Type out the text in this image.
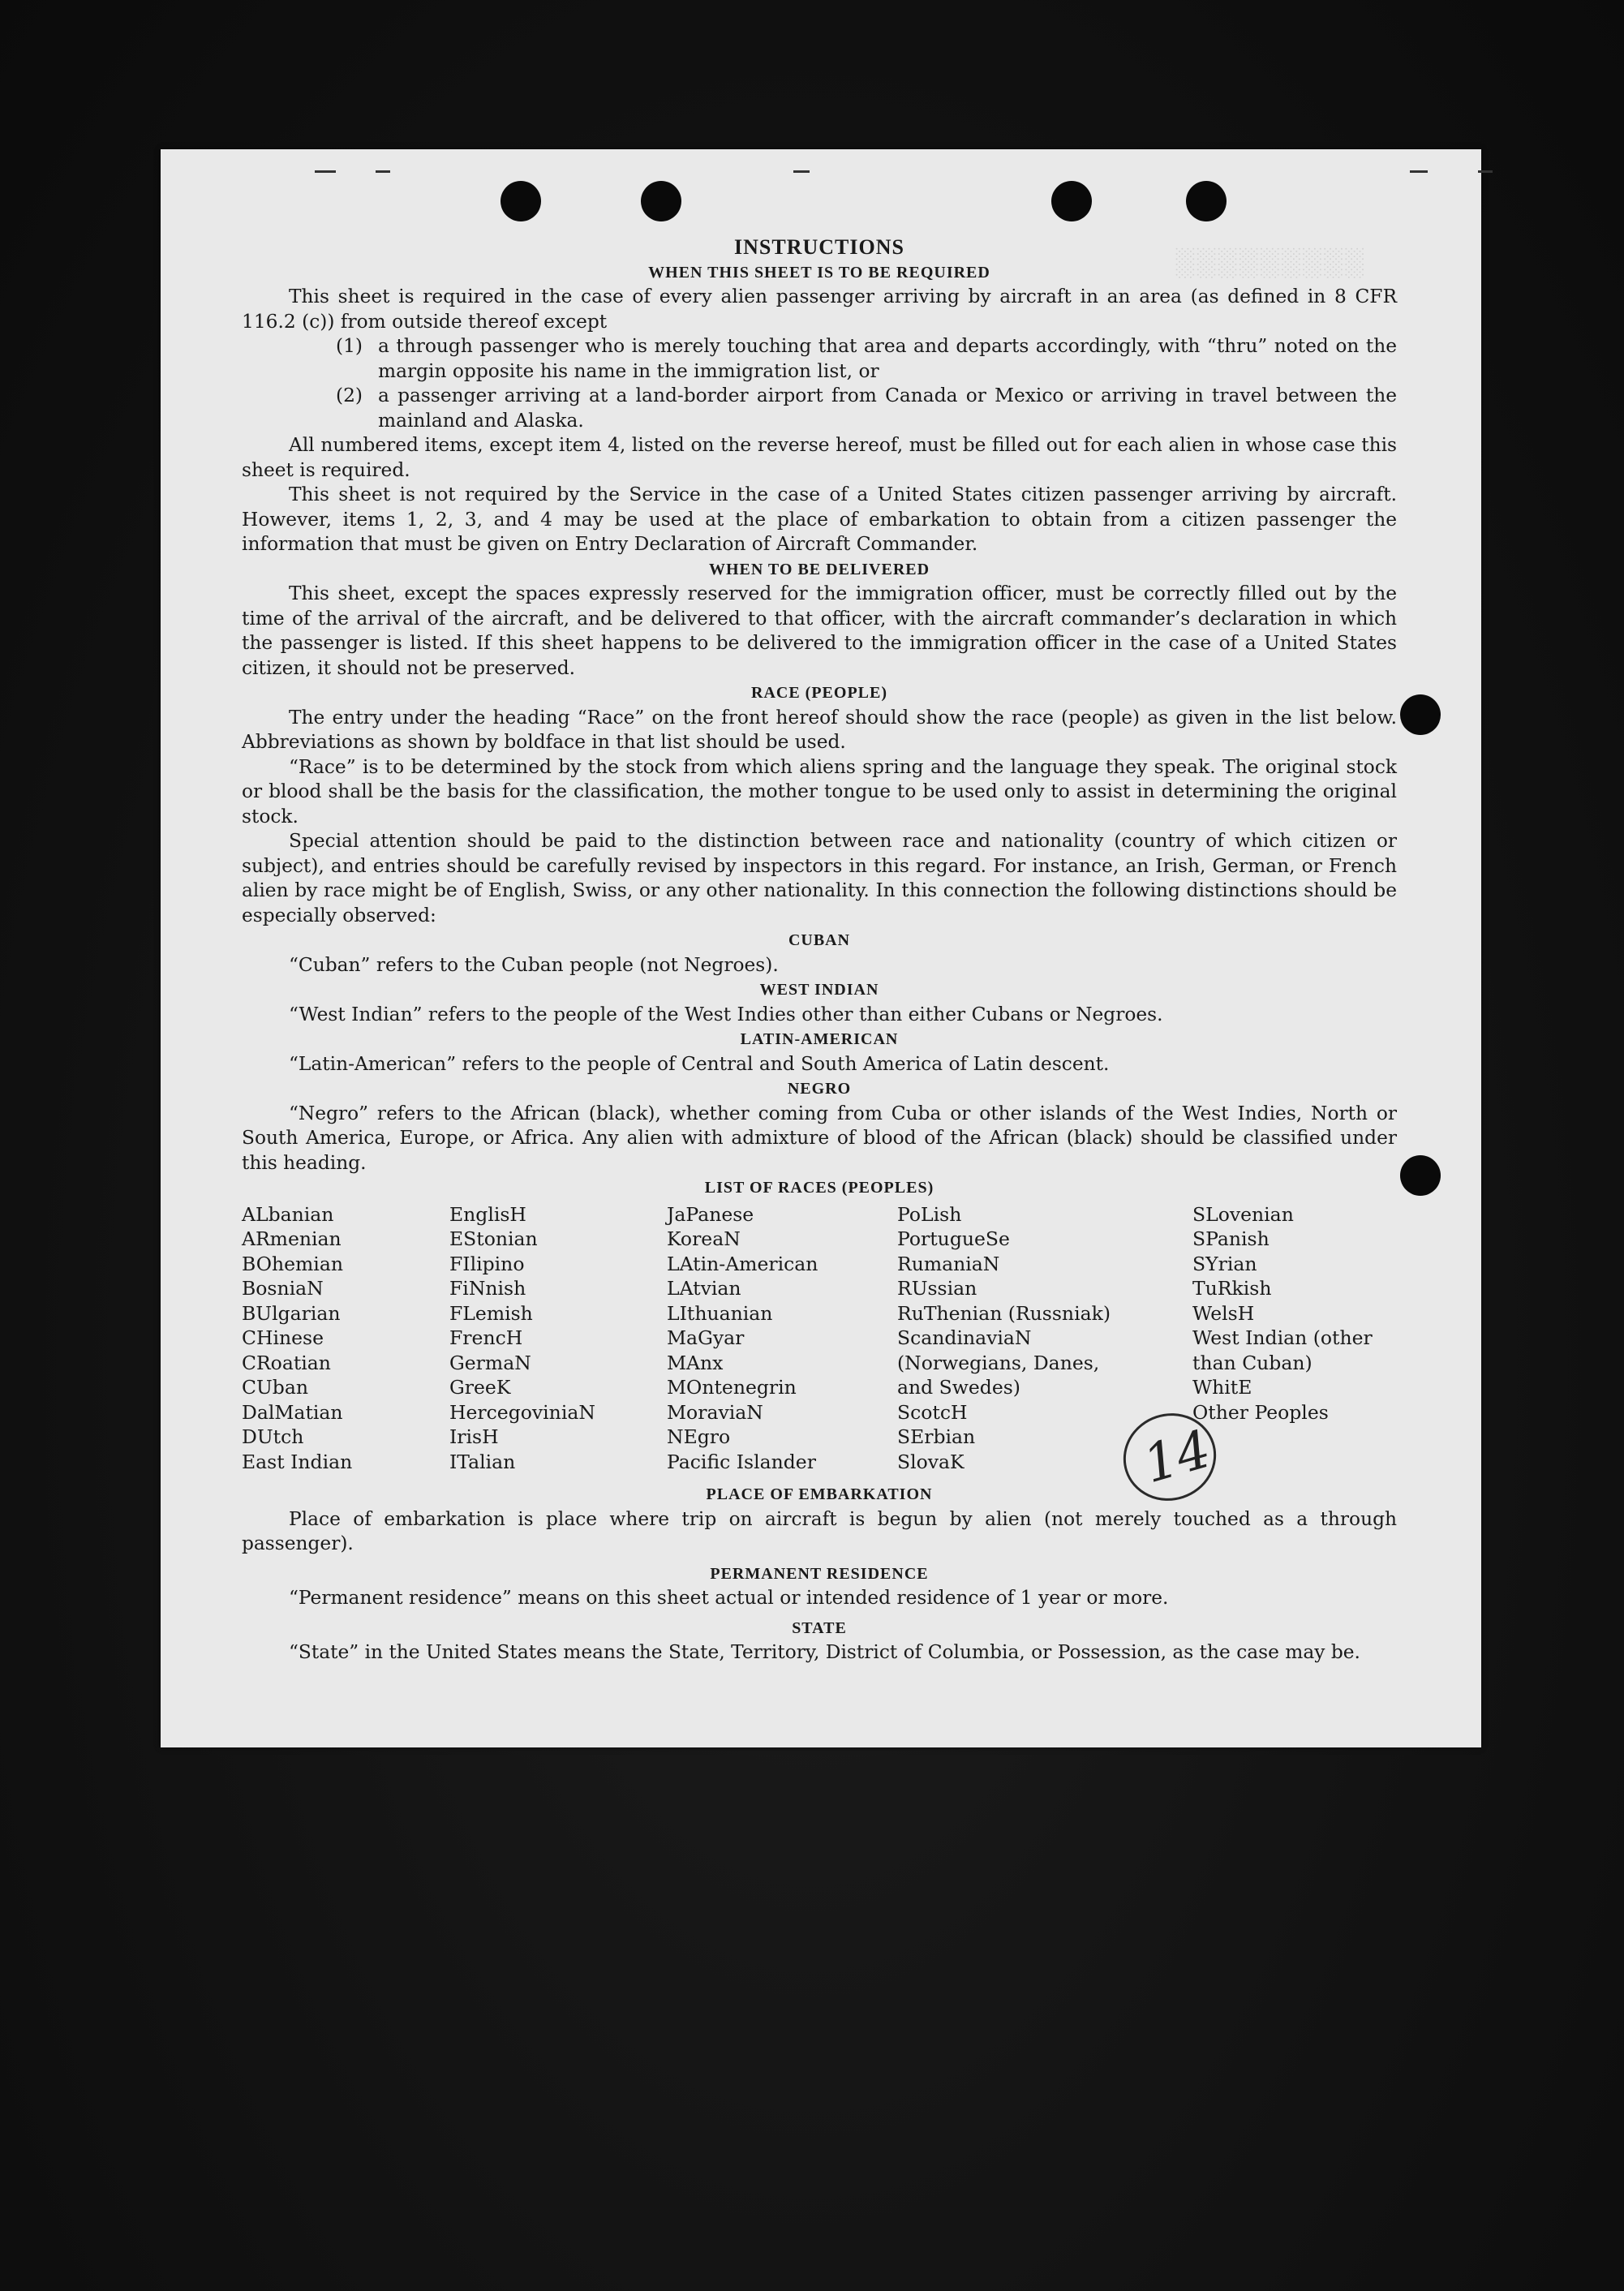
░░░░░░░░░
INSTRUCTIONS
WHEN THIS SHEET IS TO BE REQUIRED

This sheet is required in the case of every alien passenger arriving by aircraft in an area (as defined in 8 CFR 116.2 (c)) from outside thereof except

(1) a through passenger who is merely touching that area and departs accordingly, with “thru” noted on the margin opposite his name in the immigration list, or
(2) a passenger arriving at a land-border airport from Canada or Mexico or arriving in travel between the mainland and Alaska.

All numbered items, except item 4, listed on the reverse hereof, must be filled out for each alien in whose case this sheet is required.

This sheet is not required by the Service in the case of a United States citizen passenger arriving by aircraft. However, items 1, 2, 3, and 4 may be used at the place of embarkation to obtain from a citizen passenger the information that must be given on Entry Declaration of Aircraft Commander.

WHEN TO BE DELIVERED

This sheet, except the spaces expressly reserved for the immigration officer, must be correctly filled out by the time of the arrival of the aircraft, and be delivered to that officer, with the aircraft commander’s declaration in which the passenger is listed. If this sheet happens to be delivered to the immigration officer in the case of a United States citizen, it should not be preserved.

RACE (PEOPLE)

The entry under the heading “Race” on the front hereof should show the race (people) as given in the list below. Abbreviations as shown by boldface in that list should be used.

“Race” is to be determined by the stock from which aliens spring and the language they speak. The original stock or blood shall be the basis for the classification, the mother tongue to be used only to assist in determining the original stock.

Special attention should be paid to the distinction between race and nationality (country of which citizen or subject), and entries should be carefully revised by inspectors in this regard. For instance, an Irish, German, or French alien by race might be of English, Swiss, or any other nationality. In this connection the following distinctions should be especially observed:

CUBAN

“Cuban” refers to the Cuban people (not Negroes).

WEST INDIAN

“West Indian” refers to the people of the West Indies other than either Cubans or Negroes.

LATIN-AMERICAN

“Latin-American” refers to the people of Central and South America of Latin descent.

NEGRO

“Negro” refers to the African (black), whether coming from Cuba or other islands of the West Indies, North or South America, Europe, or Africa. Any alien with admixture of blood of the African (black) should be classified under this heading.

LIST OF RACES (PEOPLES)
ALbanian
ARmenian
BOhemian
BosniaN
BUlgarian
CHinese
CRoatian
CUban
DalMatian
DUtch
East Indian
EnglisH
EStonian
FIlipino
FiNnish
FLemish
FrencH
GermaN
GreeK
HercegoviniaN
IrisH
ITalian
JaPanese
KoreaN
LAtin-American
LAtvian
LIthuanian
MaGyar
MAnx
MOntenegrin
MoraviaN
NEgro
Pacific Islander
PoLish
PortugueSe
RumaniaN
RUssian
RuThenian (Russniak)
ScandinaviaN (Norwegians, Danes, and Swedes)
ScotcH
SErbian
SlovaK
SLovenian
SPanish
SYrian
TuRkish
WelsH
West Indian (other than Cuban)
WhitE
Other Peoples
PLACE OF EMBARKATION

Place of embarkation is place where trip on aircraft is begun by alien (not merely touched as a through passenger).

PERMANENT RESIDENCE

“Permanent residence” means on this sheet actual or intended residence of 1 year or more.

STATE

“State” in the United States means the State, Territory, District of Columbia, or Possession, as the case may be.

14
